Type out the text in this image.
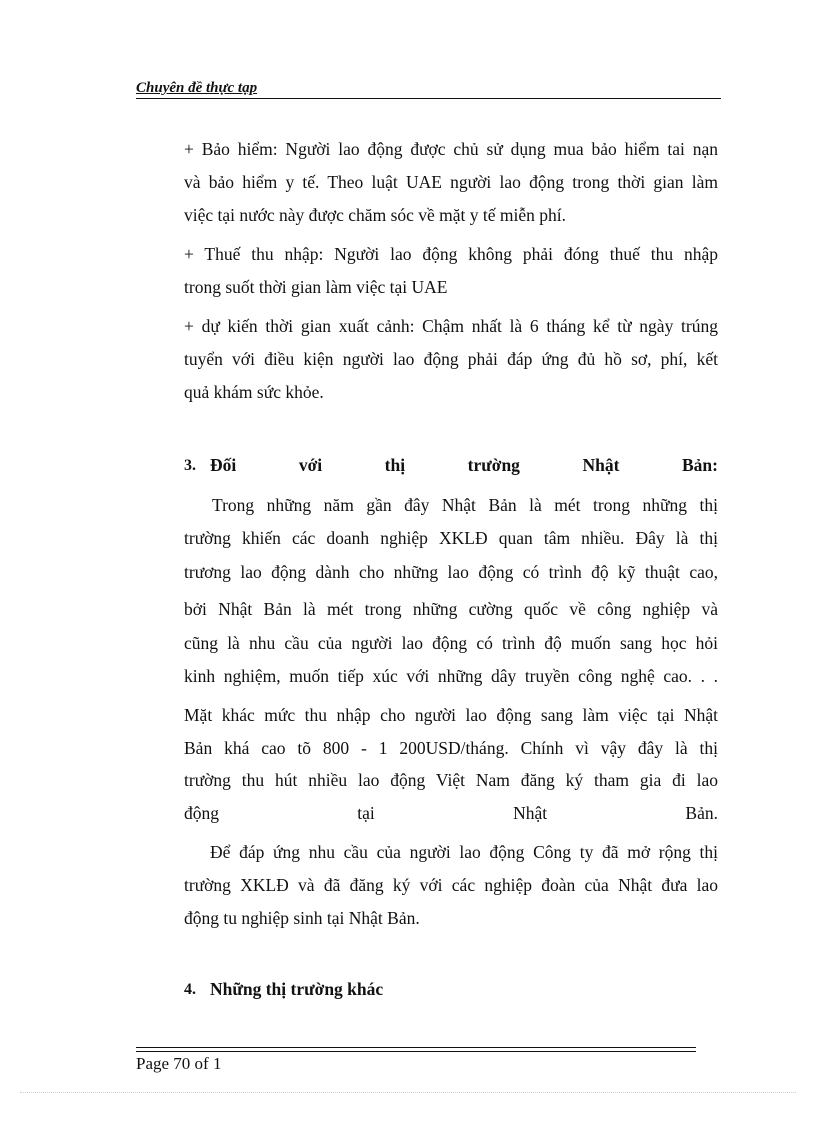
Chuyên đề thực tạp
+ Bảo hiểm: Người lao động được chủ sử dụng mua bảo hiểm tai nạn
và bảo hiểm y tế. Theo luật UAE người lao động trong thời gian làm
việc tại nước này được chăm sóc về mặt y tế miễn phí.
+ Thuế thu nhập: Người lao động không phải đóng thuế thu nhập
trong suốt thời gian làm việc tại UAE
+ dự kiến thời gian xuất cảnh: Chậm nhất là 6 tháng kể từ ngày trúng
tuyển với điều kiện người lao động phải đáp ứng đủ hồ sơ, phí, kết
quả khám sức khỏe.
Trong những năm gần đây Nhật Bản là mét trong những thị
trường khiến các doanh nghiệp XKLĐ quan tâm nhiều. Đây là thị
trương lao động dành cho những lao động có trình độ kỹ thuật cao,
bởi Nhật Bản là mét trong những cường quốc về công nghiệp và
cũng là nhu cầu của người lao động có trình độ muốn sang học hỏi
kinh nghiệm, muốn tiếp xúc với những dây truyền công nghệ cao. . .
Mặt khác mức thu nhập cho người lao động sang làm việc tại Nhật
Bản khá cao tõ 800 - 1 200USD/tháng. Chính vì vậy đây là thị
trường thu hút nhiều lao động Việt Nam đăng ký tham gia đi lao
động tại Nhật Bản.
Để đáp ứng nhu cầu của người lao động Công ty đã mở rộng thị
trường XKLĐ và đã đăng ký với các nghiệp đoàn của Nhật đưa lao
động tu nghiệp sinh tại Nhật Bản.
3. Đối với thị trường Nhật Bản:
4. Những thị trường khác
Page 70 of 1
